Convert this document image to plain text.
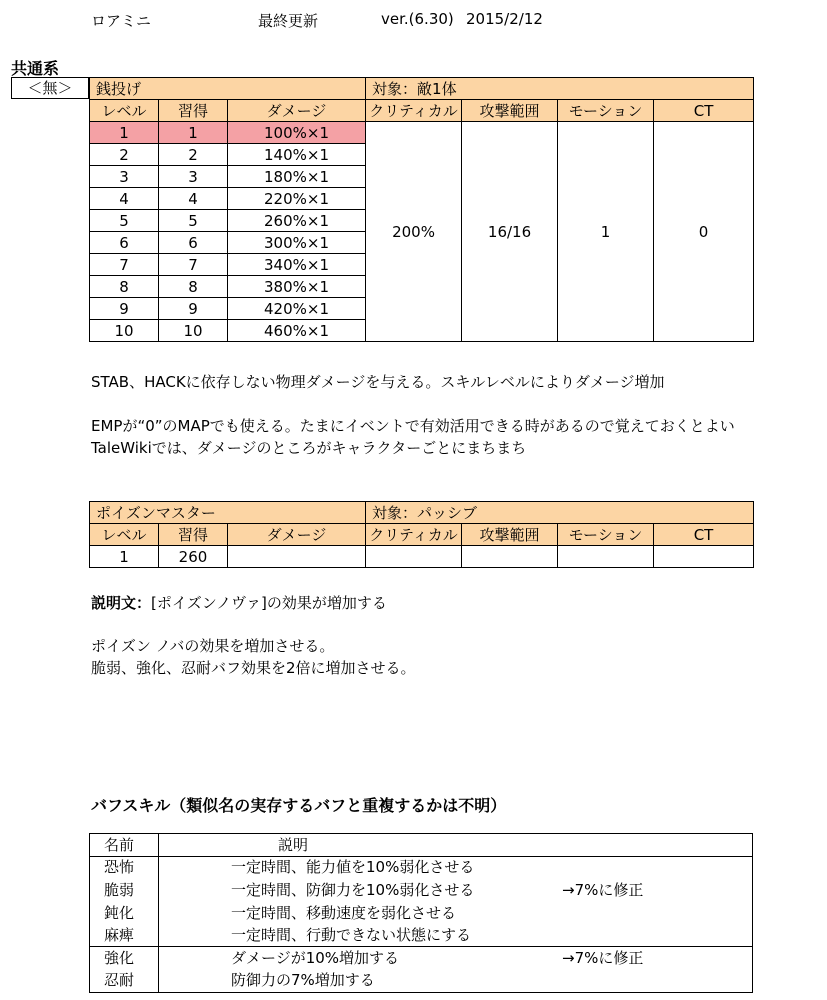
ロアミニ	最終更新	ver.(6.30) 2015/2/12
共通系
＜無＞	銭投げ			対象：敵1体			
レベル	習得	ダメージ	クリティカル	攻撃範囲	モーション	CT
1	1	100%×1	200%	16/16	1	0
2	2	140%×1				
3	3	180%×1				
4	4	220%×1				
5	5	260%×1				
6	6	300%×1				
7	7	340%×1				
8	8	380%×1				
9	9	420%×1				
10	10	460%×1				
STAB、HACKに依存しない物理ダメージを与える。スキルレベルによりダメージ増加
EMPが“0”のMAPでも使える。たまにイベントで有効活用できる時があるので覚えておくとよい
TaleWikiでは、ダメージのところがキャラクターごとにまちまち
ポイズンマスター			対象：パッシブ			
レベル	習得	ダメージ	クリティカル	攻撃範囲	モーション	CT
1	260					
説明文：[ポイズンノヴァ]の効果が増加する
ポイズン ノバの効果を増加させる。
脆弱、強化、忍耐バフ効果を2倍に増加させる。
バフスキル（類似名の実存するバフと重複するかは不明）
名前	説明
恐怖	一定時間、能力値を10%弱化させる
脆弱	一定時間、防御力を10%弱化させる	→7%に修正
鈍化	一定時間、移動速度を弱化させる
麻痺	一定時間、行動できない状態にする
強化	ダメージが10%増加する	→7%に修正
忍耐	防御力の7%増加する
